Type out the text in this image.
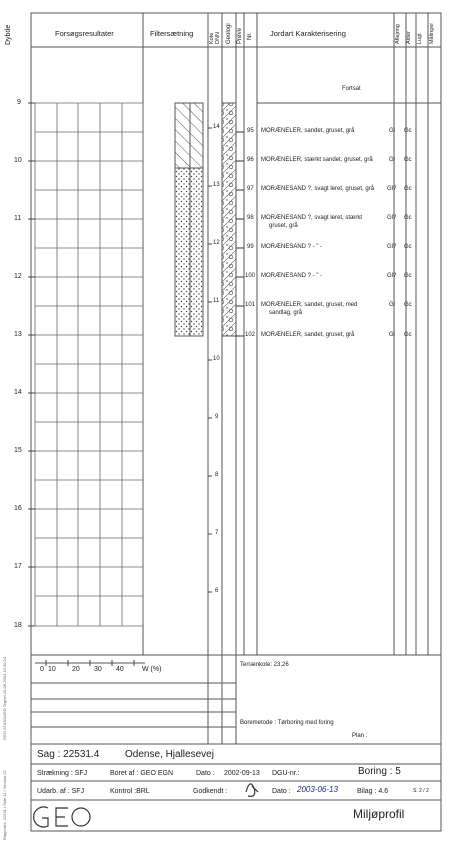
Dybde	Forsøgsresultater	Filtersætning	Kote DNN Geologi Prøve Nr. Jordart Karakterisering	Aflejring Alder Lugt Målinger
Fortsat
9
10
11
12
13
14
15
16
17
18
14
13
12
11
10
9
8
7
6
95 MORÆNELER, sandet, gruset, grå	Gl Gc
96 MORÆNELER, stærkt sandet, gruset, grå	Gl Gc
97 MORÆNESAND ?, svagt leret, gruset, grå Gl? Gc
98 MORÆNESAND ?, svagt leret, stærkt
gruset, grå
Gl? Gc
99 MORÆNESAND ? - " -	Gl? Gc
100 MORÆNESAND ? - " -	Gl? Gc
101 MORÆNELER, sandet, gruset, med
sandlag, grå
Gl Gc
102 MORÆNELER, sandet, gruset, grå	Gl Gc
0 10 20 30 40	W (%)
Terrænkote: 23,26
Boremetode : Tørboring med foring
Plan :
GEO STANDARD Tegnet 10-06-2003 12:40:24
Rapportnr. 22531 / Side 11 / Version 02
Sag : 22531.4	Odense, Hjallesevej
Boring : 5
Strækning : SFJ	Boret af : GEO EGN	Dato : 2002-09-13 DGU-nr.:
Udarb. af : SFJ	Kontrol :BRL	Godkendt :	Dato : 2003-06-13	Bilag : 4.6	S. 2 / 2
Miljøprofil
